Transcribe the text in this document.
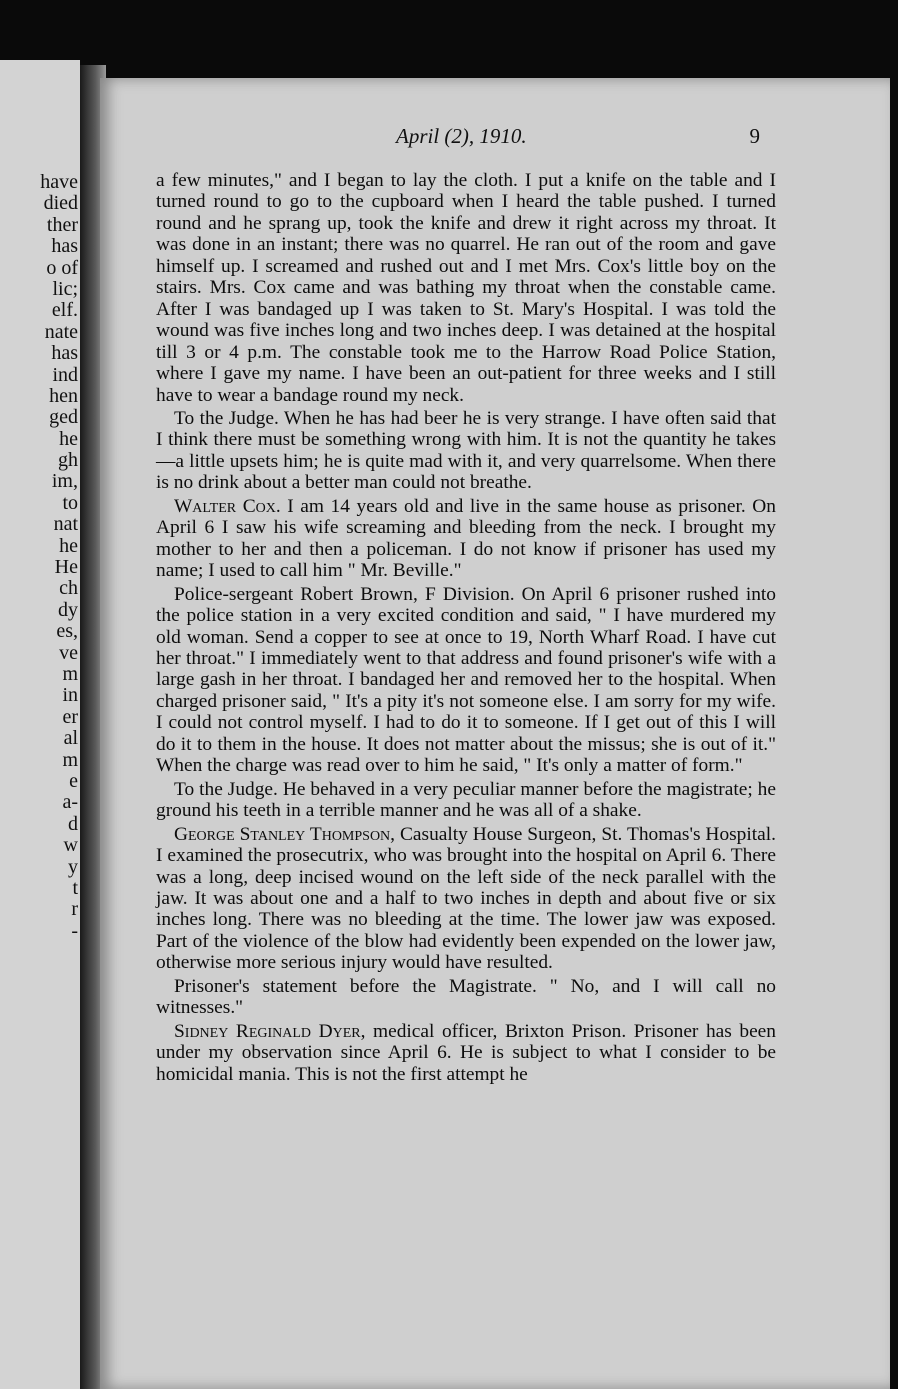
have
died
ther
has
o of
lic;
elf.
nate
has
ind
hen
ged
he
gh
im,
to
nat
he
He
ch
dy
es,
ve
m
in
er
al
m
e
a-
d
w
y
t
r
-
April (2), 1910.	9

a few minutes," and I began to lay the cloth. I put a knife on the table and I turned round to go to the cupboard when I heard the table pushed. I turned round and he sprang up, took the knife and drew it right across my throat. It was done in an instant; there was no quarrel. He ran out of the room and gave himself up. I screamed and rushed out and I met Mrs. Cox's little boy on the stairs. Mrs. Cox came and was bathing my throat when the constable came. After I was bandaged up I was taken to St. Mary's Hospital. I was told the wound was five inches long and two inches deep. I was detained at the hospital till 3 or 4 p.m. The constable took me to the Harrow Road Police Station, where I gave my name. I have been an out-patient for three weeks and I still have to wear a bandage round my neck.

To the Judge. When he has had beer he is very strange. I have often said that I think there must be something wrong with him. It is not the quantity he takes—a little upsets him; he is quite mad with it, and very quarrelsome. When there is no drink about a better man could not breathe.

Walter Cox. I am 14 years old and live in the same house as prisoner. On April 6 I saw his wife screaming and bleeding from the neck. I brought my mother to her and then a policeman. I do not know if prisoner has used my name; I used to call him " Mr. Beville."

Police-sergeant Robert Brown, F Division. On April 6 prisoner rushed into the police station in a very excited condition and said, " I have murdered my old woman. Send a copper to see at once to 19, North Wharf Road. I have cut her throat." I immediately went to that address and found prisoner's wife with a large gash in her throat. I bandaged her and removed her to the hospital. When charged prisoner said, " It's a pity it's not someone else. I am sorry for my wife. I could not control myself. I had to do it to someone. If I get out of this I will do it to them in the house. It does not matter about the missus; she is out of it." When the charge was read over to him he said, " It's only a matter of form."

To the Judge. He behaved in a very peculiar manner before the magistrate; he ground his teeth in a terrible manner and he was all of a shake.

George Stanley Thompson, Casualty House Surgeon, St. Thomas's Hospital. I examined the prosecutrix, who was brought into the hospital on April 6. There was a long, deep incised wound on the left side of the neck parallel with the jaw. It was about one and a half to two inches in depth and about five or six inches long. There was no bleeding at the time. The lower jaw was exposed. Part of the violence of the blow had evidently been expended on the lower jaw, otherwise more serious injury would have resulted.

Prisoner's statement before the Magistrate. " No, and I will call no witnesses."

Sidney Reginald Dyer, medical officer, Brixton Prison. Prisoner has been under my observation since April 6. He is subject to what I consider to be homicidal mania. This is not the first attempt he
